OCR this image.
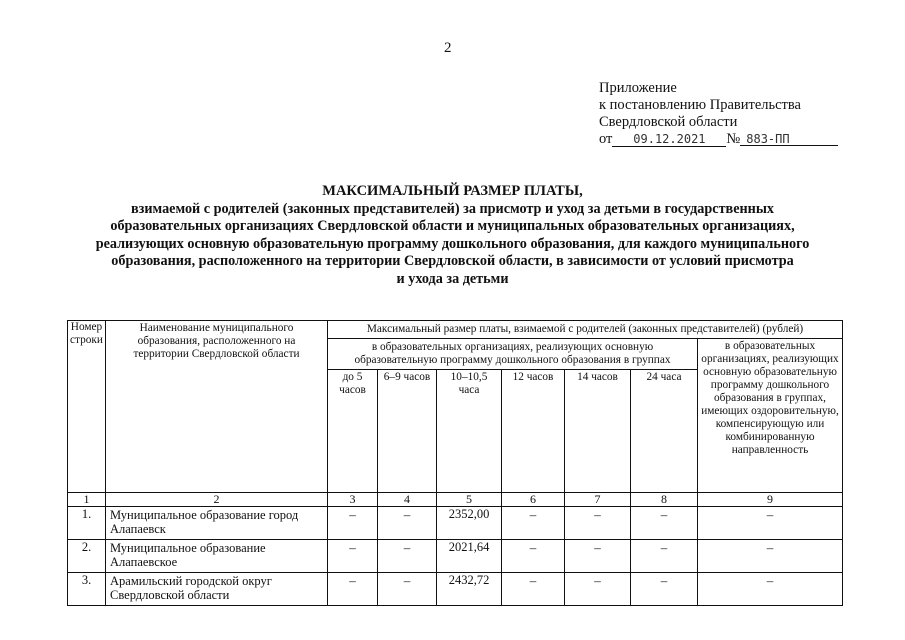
2
Приложение
к постановлению Правительства
Свердловской области
от 09.12.2021 № 883-ПП
МАКСИМАЛЬНЫЙ РАЗМЕР ПЛАТЫ,
взимаемой с родителей (законных представителей) за присмотр и уход за детьми в государственных
образовательных организациях Свердловской области и муниципальных образовательных организациях,
реализующих основную образовательную программу дошкольного образования, для каждого муниципального
образования, расположенного на территории Свердловской области, в зависимости от условий присмотра
и ухода за детьми
Номер строки	Наименование муниципального образования, расположенного на территории Свердловской области	Максимальный размер платы, взимаемой с родителей (законных представителей) (рублей)						
		в образовательных организациях, реализующих основную образовательную программу дошкольного образования в группах						в образовательных организациях, реализующих основную образовательную программу дошкольного образования в группах, имеющих оздоровительную, компенсирующую или комбинированную направленность
		до 5 часов	6–9 часов	10–10,5 часа	12 часов	14 часов	24 часа	
1	2	3	4	5	6	7	8	9
1.	Муниципальное образование город Алапаевск	–	–	2352,00	–	–	–	–
2.	Муниципальное образование Алапаевское	–	–	2021,64	–	–	–	–
3.	Арамильский городской округ Свердловской области	–	–	2432,72	–	–	–	–
